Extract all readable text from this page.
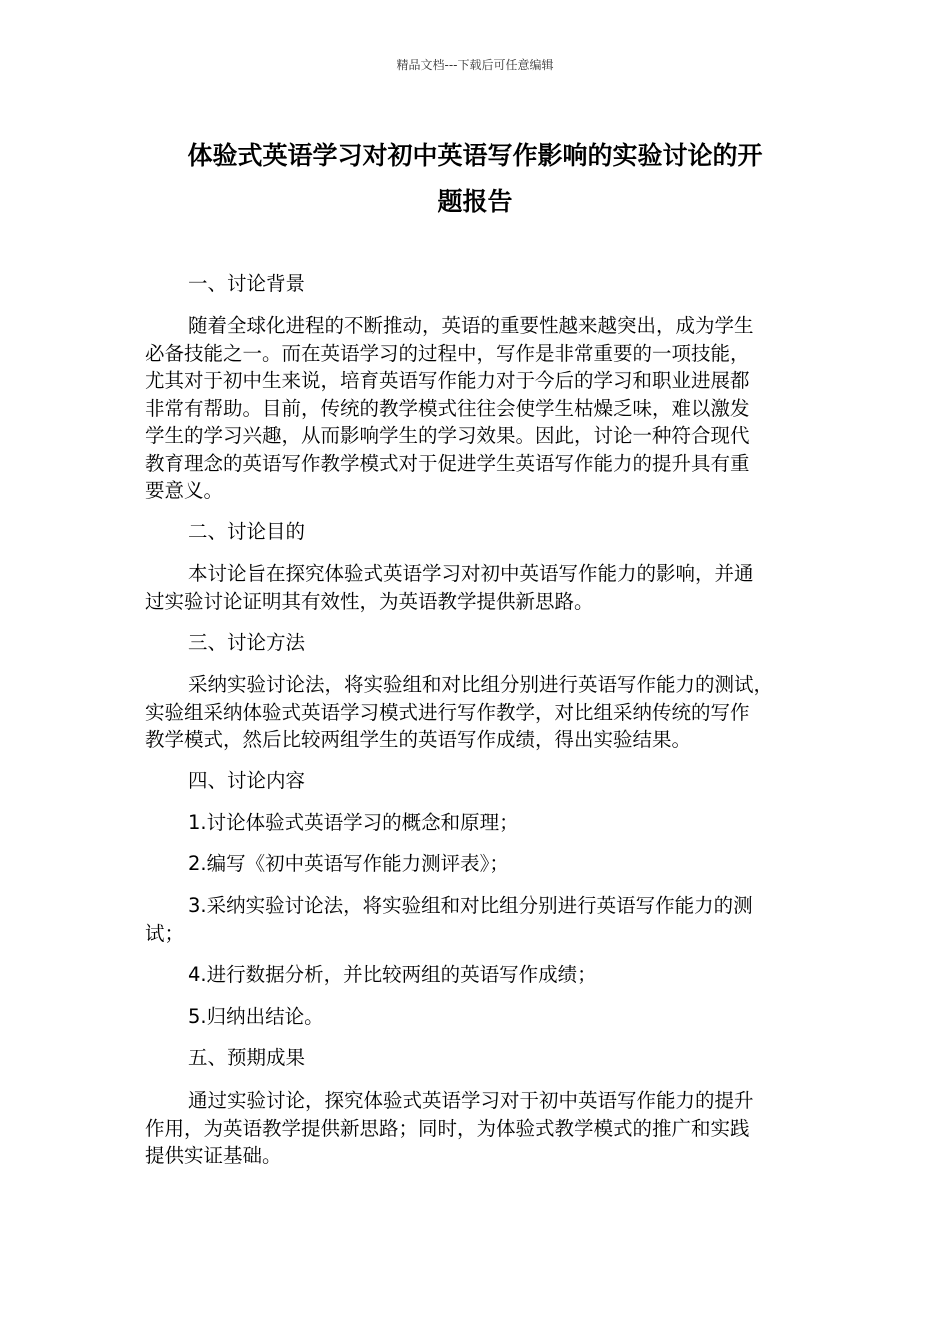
精品文档---下载后可任意编辑
体验式英语学习对初中英语写作影响的实验讨论的开
题报告

一、讨论背景

随着全球化进程的不断推动，英语的重要性越来越突出，成为学生
必备技能之一。而在英语学习的过程中，写作是非常重要的一项技能，
尤其对于初中生来说，培育英语写作能力对于今后的学习和职业进展都
非常有帮助。目前，传统的教学模式往往会使学生枯燥乏味，难以激发
学生的学习兴趣，从而影响学生的学习效果。因此，讨论一种符合现代
教育理念的英语写作教学模式对于促进学生英语写作能力的提升具有重
要意义。

二、讨论目的

本讨论旨在探究体验式英语学习对初中英语写作能力的影响，并通
过实验讨论证明其有效性，为英语教学提供新思路。

三、讨论方法

采纳实验讨论法，将实验组和对比组分别进行英语写作能力的测试，
实验组采纳体验式英语学习模式进行写作教学，对比组采纳传统的写作
教学模式，然后比较两组学生的英语写作成绩，得出实验结果。

四、讨论内容

1.讨论体验式英语学习的概念和原理；

2.编写《初中英语写作能力测评表》；

3.采纳实验讨论法，将实验组和对比组分别进行英语写作能力的测
试；

4.进行数据分析，并比较两组的英语写作成绩；

5.归纳出结论。

五、预期成果

通过实验讨论，探究体验式英语学习对于初中英语写作能力的提升
作用，为英语教学提供新思路；同时，为体验式教学模式的推广和实践
提供实证基础。
